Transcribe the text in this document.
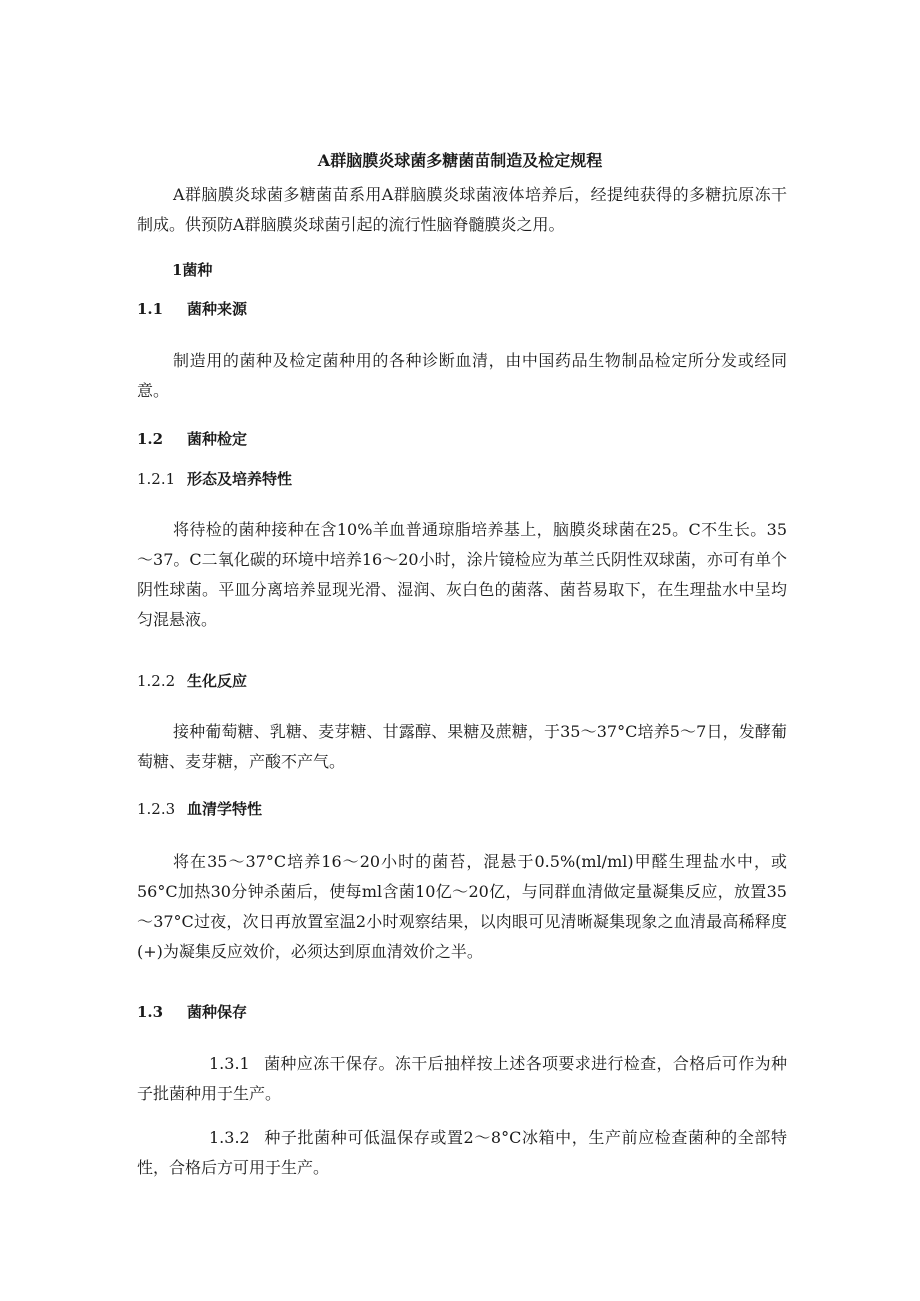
A群脑膜炎球菌多糖菌苗制造及检定规程

A群脑膜炎球菌多糖菌苗系用A群脑膜炎球菌液体培养后，经提纯获得的多糖抗原冻干制成。供预防A群脑膜炎球菌引起的流行性脑脊髓膜炎之用。

1菌种
1.1 菌种来源

制造用的菌种及检定菌种用的各种诊断血清，由中国药品生物制品检定所分发或经同意。

1.2 菌种检定
1.2.1 形态及培养特性

将待检的菌种接种在含10%羊血普通琼脂培养基上，脑膜炎球菌在25。C不生长。35～37。C二氧化碳的环境中培养16～20小时，涂片镜检应为革兰氏阴性双球菌，亦可有单个阴性球菌。平皿分离培养显现光滑、湿润、灰白色的菌落、菌苔易取下，在生理盐水中呈均匀混悬液。

1.2.2 生化反应

接种葡萄糖、乳糖、麦芽糖、甘露醇、果糖及蔗糖，于35～37°C培养5～7日，发酵葡萄糖、麦芽糖，产酸不产气。

1.2.3 血清学特性

将在35～37°C培养16～20小时的菌苔，混悬于0.5%(ml/ml)甲醛生理盐水中，或56°C加热30分钟杀菌后，使每ml含菌10亿～20亿，与同群血清做定量凝集反应，放置35～37°C过夜，次日再放置室温2小时观察结果，以肉眼可见清晰凝集现象之血清最高稀释度(+)为凝集反应效价，必须达到原血清效价之半。

1.3 菌种保存

1.3.1 菌种应冻干保存。冻干后抽样按上述各项要求进行检查，合格后可作为种子批菌种用于生产。

1.3.2 种子批菌种可低温保存或置2～8°C冰箱中，生产前应检查菌种的全部特性，合格后方可用于生产。
